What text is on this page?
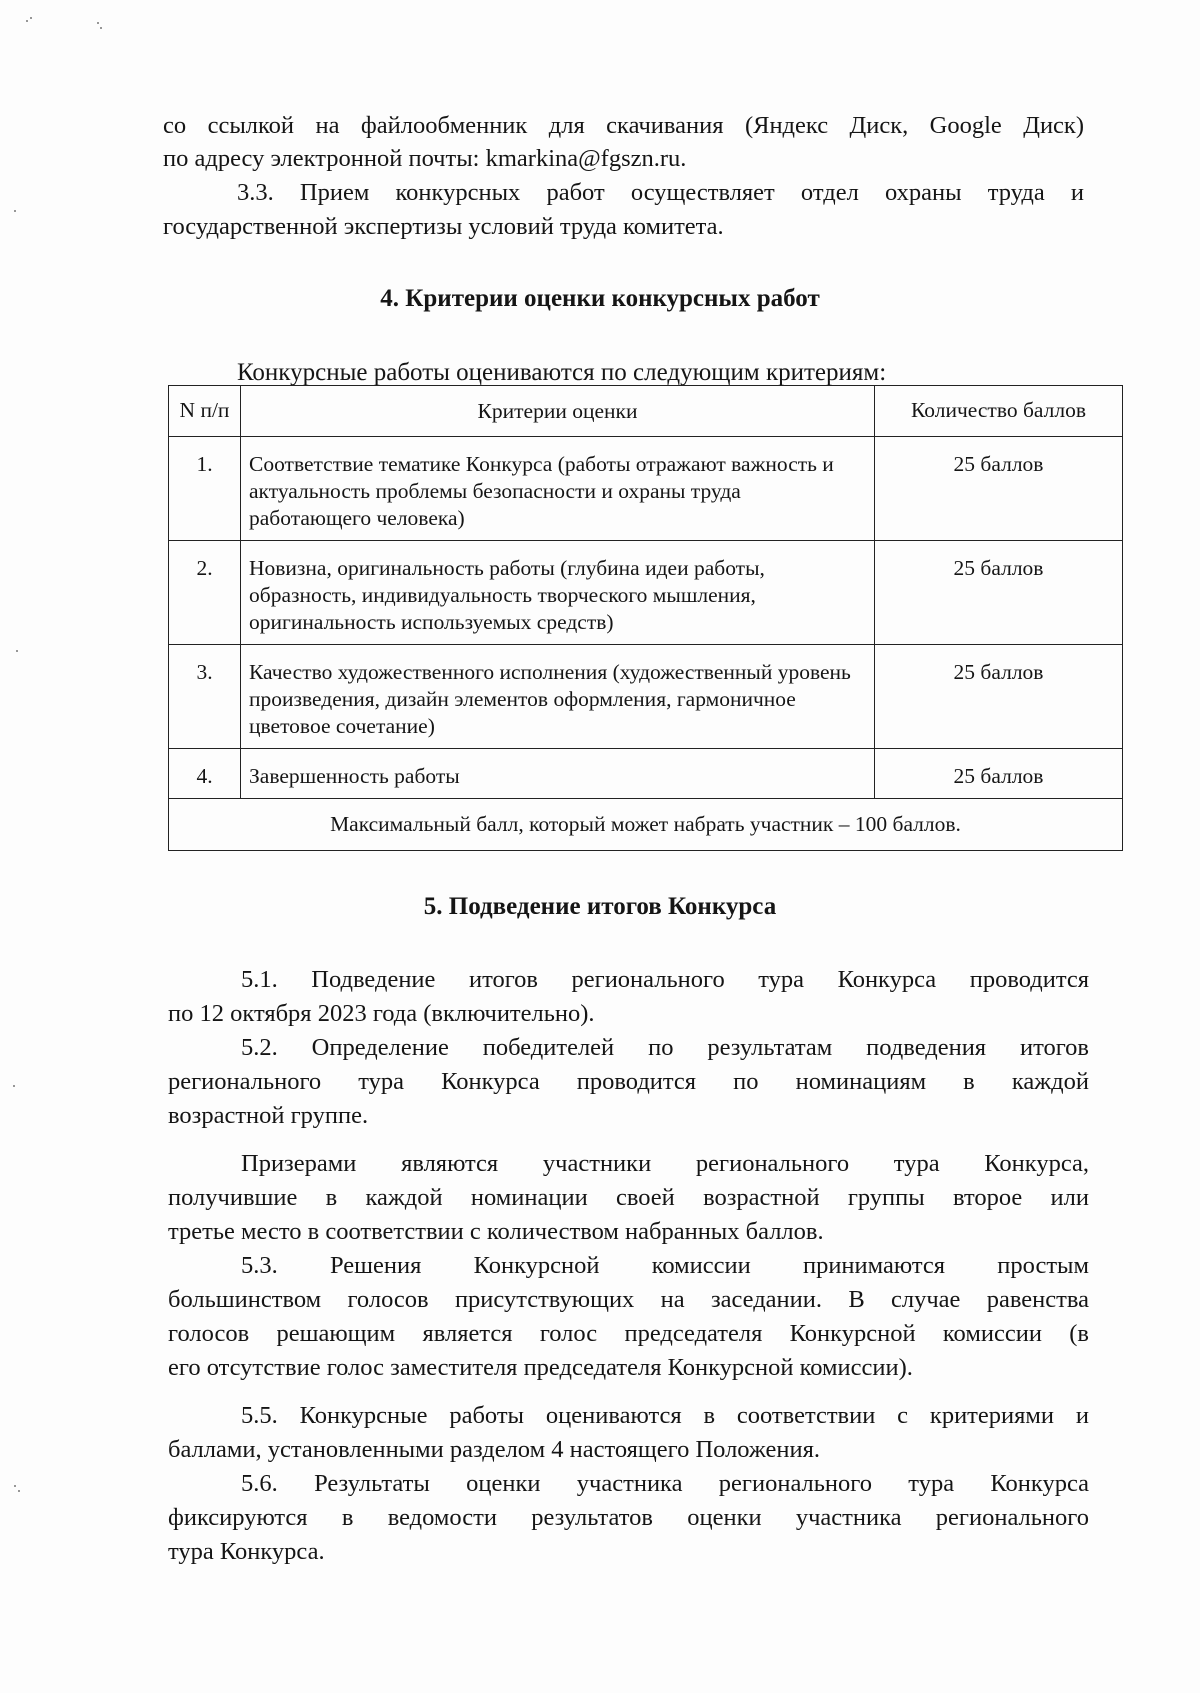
со ссылкой на файлообменник для скачивания (Яндекс Диск, Google Диск)

по адресу электронной почты: kmarkina@fgszn.ru.

3.3. Прием конкурсных работ осуществляет отдел охраны труда и

государственной экспертизы условий труда комитета.

4. Критерии оценки конкурсных работ

Конкурсные работы оцениваются по следующим критериям:

N п/п	Критерии оценки	Количество баллов
1.	Соответствие тематике Конкурса (работы отражают важность и актуальность проблемы безопасности и охраны труда работающего человека)	25 баллов
2.	Новизна, оригинальность работы (глубина идеи работы, образность, индивидуальность творческого мышления, оригинальность используемых средств)	25 баллов
3.	Качество художественного исполнения (художественный уровень произведения, дизайн элементов оформления, гармоничное цветовое сочетание)	25 баллов
4.	Завершенность работы	25 баллов
Максимальный балл, который может набрать участник – 100 баллов.		
5. Подведение итогов Конкурса

5.1. Подведение итогов регионального тура Конкурса проводится

по 12 октября 2023 года (включительно).

5.2. Определение победителей по результатам подведения итогов

регионального тура Конкурса проводится по номинациям в каждой

возрастной группе.

Призерами являются участники регионального тура Конкурса,

получившие в каждой номинации своей возрастной группы второе или

третье место в соответствии с количеством набранных баллов.

5.3. Решения Конкурсной комиссии принимаются простым

большинством голосов присутствующих на заседании. В случае равенства

голосов решающим является голос председателя Конкурсной комиссии (в

его отсутствие голос заместителя председателя Конкурсной комиссии).

5.5. Конкурсные работы оцениваются в соответствии с критериями и

баллами, установленными разделом 4 настоящего Положения.

5.6. Результаты оценки участника регионального тура Конкурса

фиксируются в ведомости результатов оценки участника регионального

тура Конкурса.
